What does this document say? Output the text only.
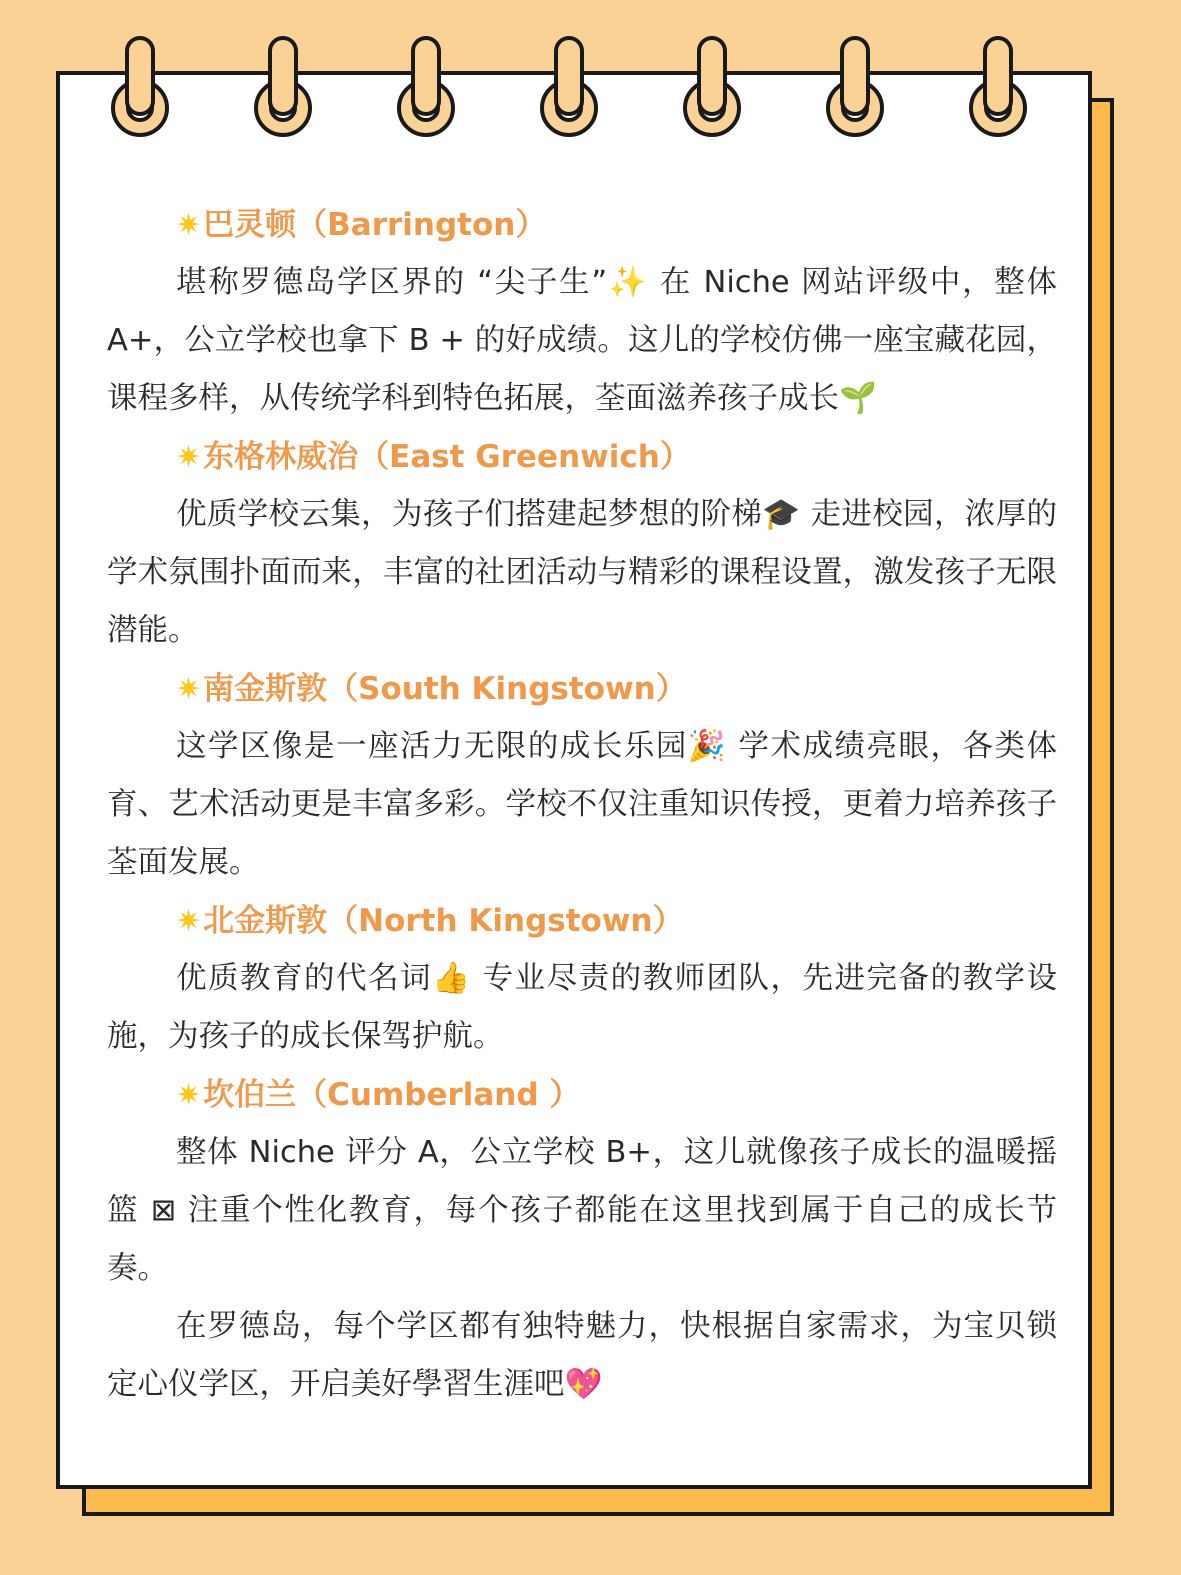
✷巴灵顿（Barrington）

堪称罗德岛学区界的 “尖子生”✨ 在 Niche 网站评级中，整体 A+，公立学校也拿下 B + 的好成绩。这儿的学校仿佛一座宝藏花园，课程多样，从传统学科到特色拓展，荃面滋养孩子成长🌱

✷东格林威治（East Greenwich）

优质学校云集，为孩子们搭建起梦想的阶梯🎓 走进校园，浓厚的学术氛围扑面而来，丰富的社团活动与精彩的课程设置，激发孩子无限潜能。

✷南金斯敦（South Kingstown）

这学区像是一座活力无限的成长乐园🎉 学术成绩亮眼，各类体育、艺术活动更是丰富多彩。学校不仅注重知识传授，更着力培养孩子荃面发展。

✷北金斯敦（North Kingstown）

优质教育的代名词👍 专业尽责的教师团队，先进完备的教学设施，为孩子的成长保驾护航。

✷坎伯兰（Cumberland ）

整体 Niche 评分 A，公立学校 B+，这儿就像孩子成长的温暖摇篮 ⊠ 注重个性化教育，每个孩子都能在这里找到属于自己的成长节奏。

在罗德岛，每个学区都有独特魅力，快根据自家需求，为宝贝锁定心仪学区，开启美好學習生涯吧💖
